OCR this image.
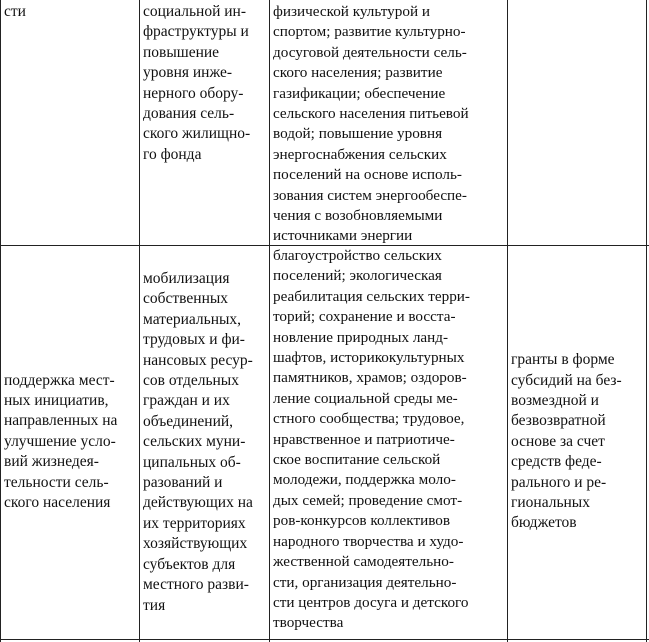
сти	социальной ин-
фраструктуры и
повышение
уровня инже-
нерного обору-
дования сель-
ского жилищно-
го фонда
физической культурой и
спортом; развитие культурно-
досуговой деятельности сель-
ского населения; развитие
газификации; обеспечение
сельского населения питьевой
водой; повышение уровня
энергоснабжения сельских
поселений на основе исполь-
зования систем энергообеспе-
чения с возобновляемыми
источниками энергии
поддержка мест-
ных инициатив,
направленных на
улучшение усло-
вий жизнедея-
тельности сель-
ского населения
мобилизация
собственных
материальных,
трудовых и фи-
нансовых ресур-
сов отдельных
граждан и их
объединений,
сельских муни-
ципальных об-
разований и
действующих на
их территориях
хозяйствующих
субъектов для
местного разви-
тия
благоустройство сельских
поселений; экологическая
реабилитация сельских терри-
торий; сохранение и восста-
новление природных ланд-
шафтов, историкокультурных
памятников, храмов; оздоров-
ление социальной среды ме-
стного сообщества; трудовое,
нравственное и патриотиче-
ское воспитание сельской
молодежи, поддержка моло-
дых семей; проведение смот-
ров-конкурсов коллективов
народного творчества и худо-
жественной самодеятельно-
сти, организация деятельно-
сти центров досуга и детского
творчества
гранты в форме
субсидий на без-
возмездной и
безвозвратной
основе за счет
средств феде-
рального и ре-
гиональных
бюджетов
